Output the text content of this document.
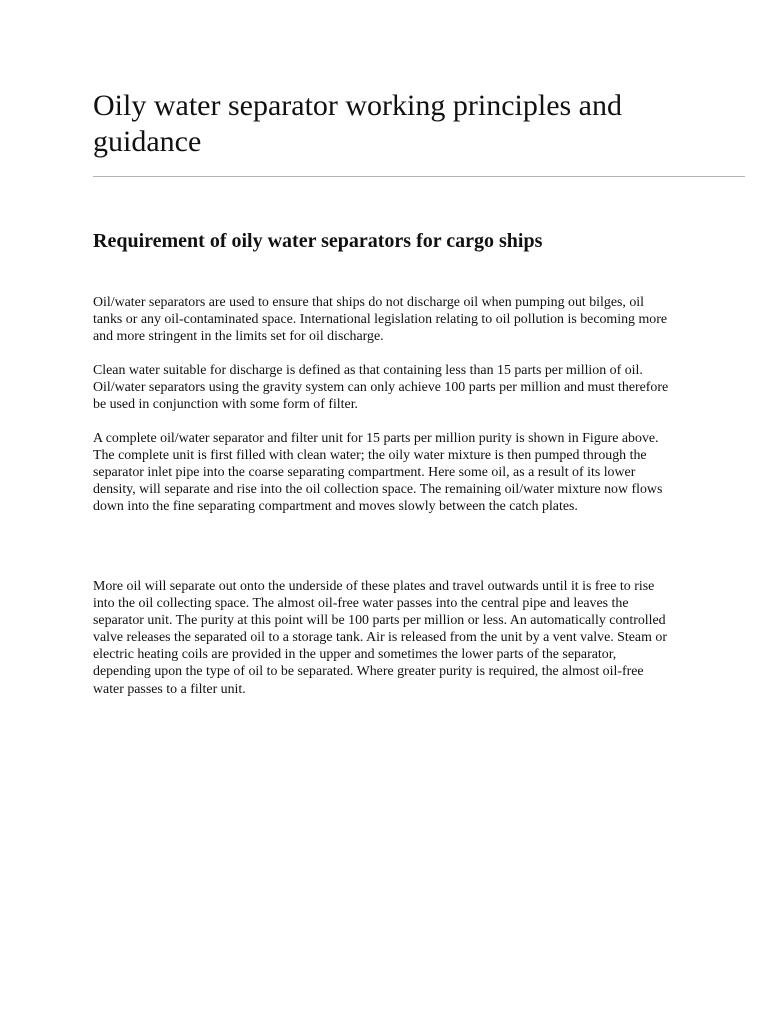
Oily water separator working principles and guidance
Requirement of oily water separators for cargo ships

Oil/water separators are used to ensure that ships do not discharge oil when pumping out bilges, oil tanks or any oil-contaminated space. International legislation relating to oil pollution is becoming more and more stringent in the limits set for oil discharge.

Clean water suitable for discharge is defined as that containing less than 15 parts per million of oil. Oil/water separators using the gravity system can only achieve 100 parts per million and must therefore be used in conjunction with some form of filter.

A complete oil/water separator and filter unit for 15 parts per million purity is shown in Figure above. The complete unit is first filled with clean water; the oily water mixture is then pumped through the separator inlet pipe into the coarse separating compartment. Here some oil, as a result of its lower density, will separate and rise into the oil collection space. The remaining oil/water mixture now flows down into the fine separating compartment and moves slowly between the catch plates.

More oil will separate out onto the underside of these plates and travel outwards until it is free to rise into the oil collecting space. The almost oil-free water passes into the central pipe and leaves the separator unit. The purity at this point will be 100 parts per million or less. An automatically controlled valve releases the separated oil to a storage tank. Air is released from the unit by a vent valve. Steam or electric heating coils are provided in the upper and sometimes the lower parts of the separator, depending upon the type of oil to be separated. Where greater purity is required, the almost oil-free water passes to a filter unit.
